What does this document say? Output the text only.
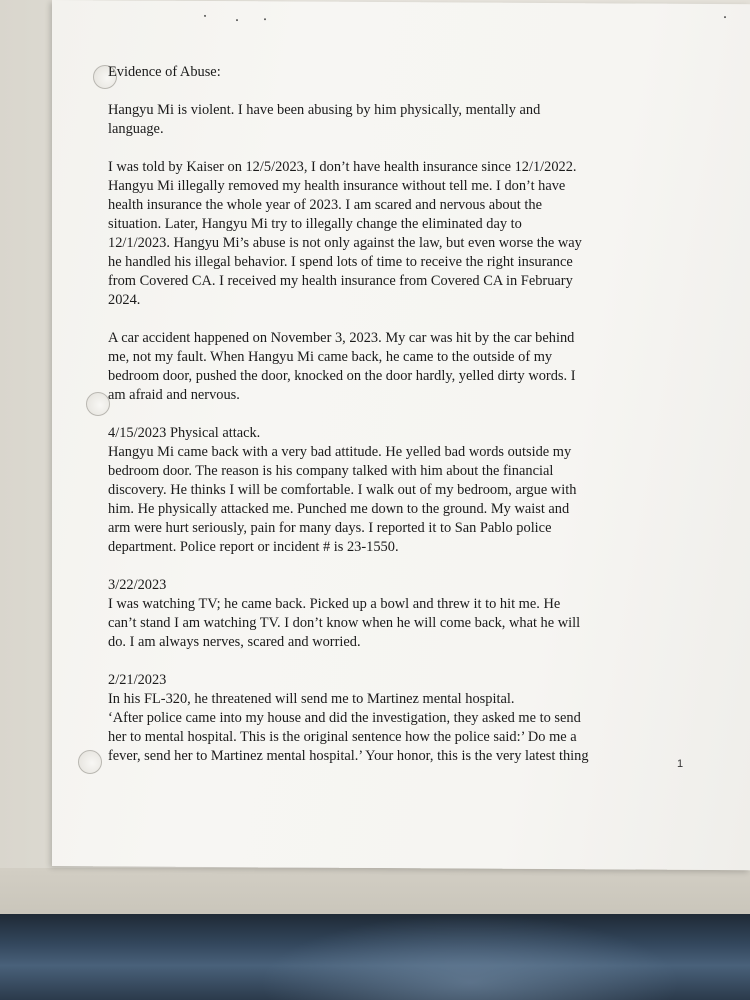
Evidence of Abuse:

Hangyu Mi is violent. I have been abusing by him physically, mentally and

language.

I was told by Kaiser on 12/5/2023, I don’t have health insurance since 12/1/2022.

Hangyu Mi illegally removed my health insurance without tell me. I don’t have

health insurance the whole year of 2023. I am scared and nervous about the

situation. Later, Hangyu Mi try to illegally change the eliminated day to

12/1/2023. Hangyu Mi’s abuse is not only against the law, but even worse the way

he handled his illegal behavior. I spend lots of time to receive the right insurance

from Covered CA. I received my health insurance from Covered CA in February

2024.

A car accident happened on November 3, 2023. My car was hit by the car behind

me, not my fault. When Hangyu Mi came back, he came to the outside of my

bedroom door, pushed the door, knocked on the door hardly, yelled dirty words. I

am afraid and nervous.

4/15/2023 Physical attack.

Hangyu Mi came back with a very bad attitude. He yelled bad words outside my

bedroom door. The reason is his company talked with him about the financial

discovery. He thinks I will be comfortable. I walk out of my bedroom, argue with

him. He physically attacked me. Punched me down to the ground. My waist and

arm were hurt seriously, pain for many days. I reported it to San Pablo police

department. Police report or incident # is 23-1550.

3/22/2023

I was watching TV; he came back. Picked up a bowl and threw it to hit me. He

can’t stand I am watching TV. I don’t know when he will come back, what he will

do. I am always nerves, scared and worried.

2/21/2023

In his FL-320, he threatened will send me to Martinez mental hospital.

‘After police came into my house and did the investigation, they asked me to send

her to mental hospital. This is the original sentence how the police said:’ Do me a

fever, send her to Martinez mental hospital.’ Your honor, this is the very latest thing	1
